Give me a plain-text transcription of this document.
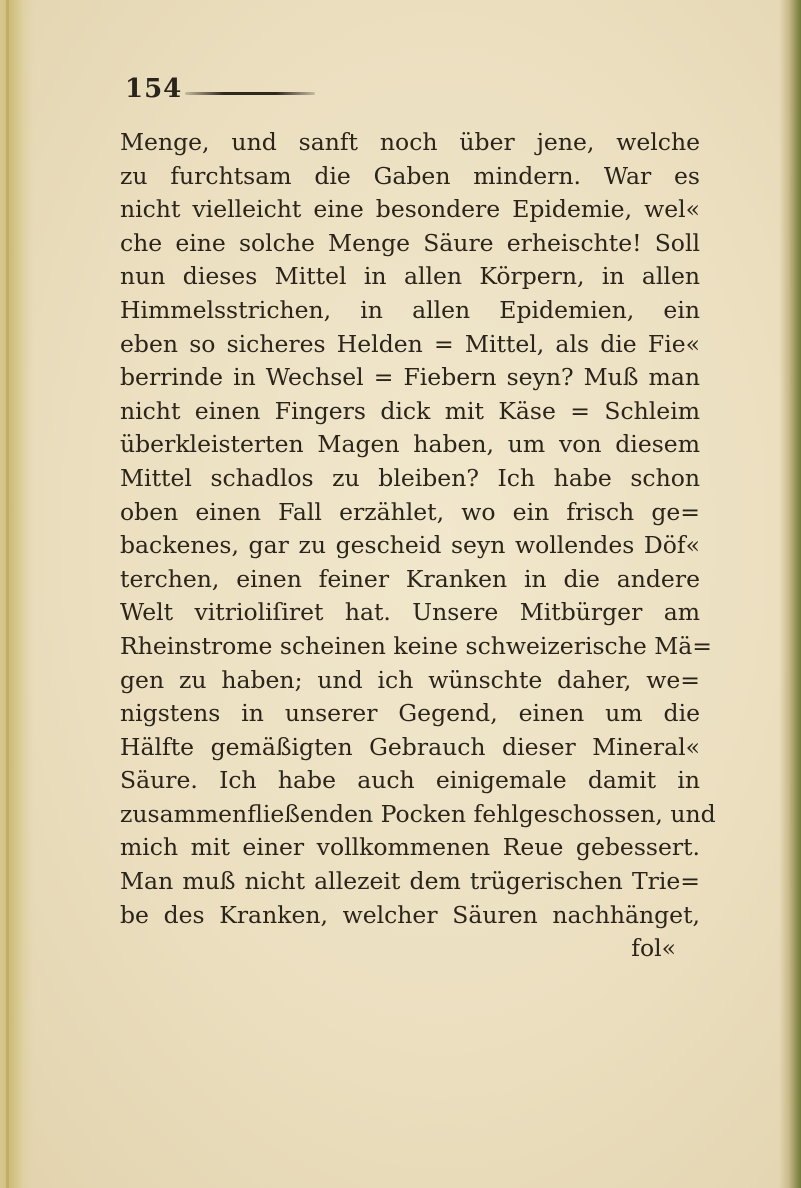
154
Menge, und sanft noch über jene, welche
zu furchtsam die Gaben mindern. War es
nicht vielleicht eine besondere Epidemie, wel«
che eine solche Menge Säure erheischte! Soll
nun dieses Mittel in allen Körpern, in allen
Himmelsstrichen, in allen Epidemien, ein
eben so sicheres Helden = Mittel, als die Fie«
berrinde in Wechsel = Fiebern seyn? Muß man
nicht einen Fingers dick mit Käse = Schleim
überkleisterten Magen haben, um von diesem
Mittel schadlos zu bleiben? Ich habe schon
oben einen Fall erzählet, wo ein frisch ge=
backenes, gar zu gescheid seyn wollendes Döf«
terchen, einen feiner Kranken in die andere
Welt vitrioliſiret hat. Unsere Mitbürger am
Rheinstrome scheinen keine schweizerische Mä=
gen zu haben; und ich wünschte daher, we=
nigstens in unserer Gegend, einen um die
Hälfte gemäßigten Gebrauch dieser Mineral«
Säure. Ich habe auch einigemale damit in
zusammenfließenden Pocken fehlgeschossen, und
mich mit einer vollkommenen Reue gebessert.
Man muß nicht allezeit dem trügerischen Trie=
be des Kranken, welcher Säuren nachhänget,
fol«
